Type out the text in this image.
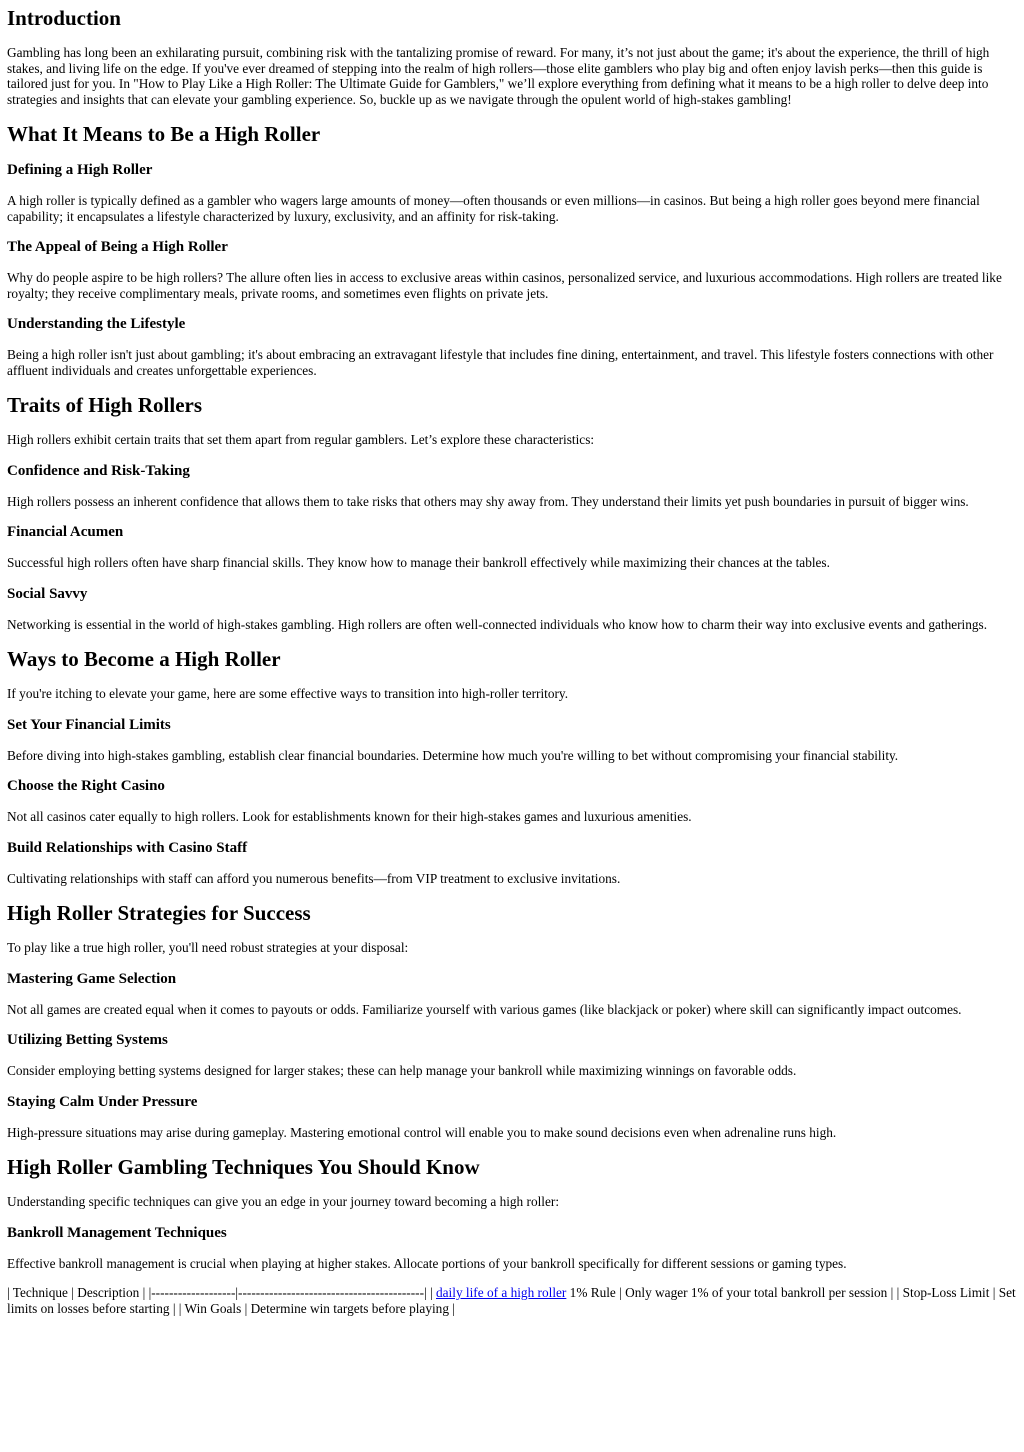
Introduction

Gambling has long been an exhilarating pursuit, combining risk with the tantalizing promise of reward. For many, it’s not just about the game; it's about the experience, the thrill of high stakes, and living life on the edge. If you've ever dreamed of stepping into the realm of high rollers—those elite gamblers who play big and often enjoy lavish perks—then this guide is tailored just for you. In "How to Play Like a High Roller: The Ultimate Guide for Gamblers," we’ll explore everything from defining what it means to be a high roller to delve deep into strategies and insights that can elevate your gambling experience. So, buckle up as we navigate through the opulent world of high-stakes gambling!

What It Means to Be a High Roller
Defining a High Roller

A high roller is typically defined as a gambler who wagers large amounts of money—often thousands or even millions—in casinos. But being a high roller goes beyond mere financial capability; it encapsulates a lifestyle characterized by luxury, exclusivity, and an affinity for risk-taking.

The Appeal of Being a High Roller

Why do people aspire to be high rollers? The allure often lies in access to exclusive areas within casinos, personalized service, and luxurious accommodations. High rollers are treated like royalty; they receive complimentary meals, private rooms, and sometimes even flights on private jets.

Understanding the Lifestyle

Being a high roller isn't just about gambling; it's about embracing an extravagant lifestyle that includes fine dining, entertainment, and travel. This lifestyle fosters connections with other affluent individuals and creates unforgettable experiences.

Traits of High Rollers

High rollers exhibit certain traits that set them apart from regular gamblers. Let’s explore these characteristics:

Confidence and Risk-Taking

High rollers possess an inherent confidence that allows them to take risks that others may shy away from. They understand their limits yet push boundaries in pursuit of bigger wins.

Financial Acumen

Successful high rollers often have sharp financial skills. They know how to manage their bankroll effectively while maximizing their chances at the tables.

Social Savvy

Networking is essential in the world of high-stakes gambling. High rollers are often well-connected individuals who know how to charm their way into exclusive events and gatherings.

Ways to Become a High Roller

If you're itching to elevate your game, here are some effective ways to transition into high-roller territory.

Set Your Financial Limits

Before diving into high-stakes gambling, establish clear financial boundaries. Determine how much you're willing to bet without compromising your financial stability.

Choose the Right Casino

Not all casinos cater equally to high rollers. Look for establishments known for their high-stakes games and luxurious amenities.

Build Relationships with Casino Staff

Cultivating relationships with staff can afford you numerous benefits—from VIP treatment to exclusive invitations.

High Roller Strategies for Success

To play like a true high roller, you'll need robust strategies at your disposal:

Mastering Game Selection

Not all games are created equal when it comes to payouts or odds. Familiarize yourself with various games (like blackjack or poker) where skill can significantly impact outcomes.

Utilizing Betting Systems

Consider employing betting systems designed for larger stakes; these can help manage your bankroll while maximizing winnings on favorable odds.

Staying Calm Under Pressure

High-pressure situations may arise during gameplay. Mastering emotional control will enable you to make sound decisions even when adrenaline runs high.

High Roller Gambling Techniques You Should Know

Understanding specific techniques can give you an edge in your journey toward becoming a high roller:

Bankroll Management Techniques

Effective bankroll management is crucial when playing at higher stakes. Allocate portions of your bankroll specifically for different sessions or gaming types.

| Technique | Description | |-------------------|------------------------------------------| | daily life of a high roller 1% Rule | Only wager 1% of your total bankroll per session | | Stop-Loss Limit | Set limits on losses before starting | | Win Goals | Determine win targets before playing |
